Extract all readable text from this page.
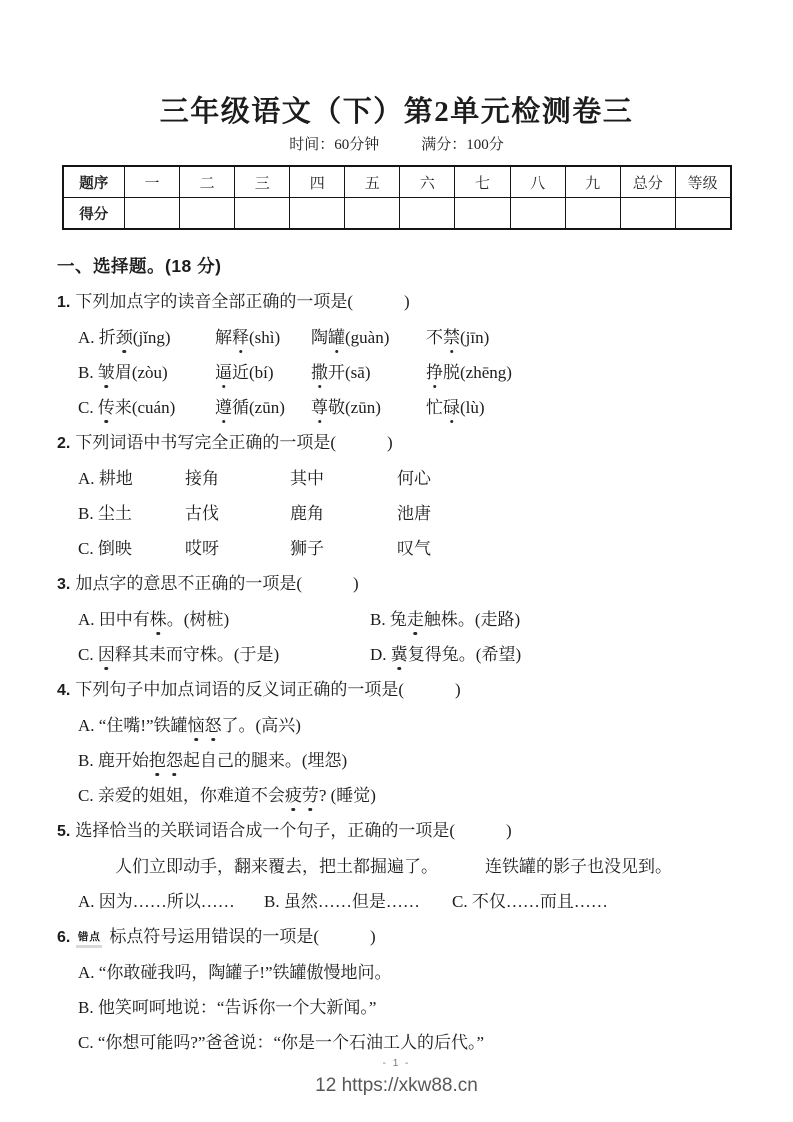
三年级语文（下）第2单元检测卷三
时间：60分钟	满分：100分
题序	一	二	三	四	五	六	七	八	九	总分	等级
得分											
一、选择题。(18 分)
1. 下列加点字的读音全部正确的一项是(　　　)
A. 折颈(jǐng)	解释(shì) 陶罐(guàn) 不禁(jīn)
B. 皱眉(zòu)	逼近(bí) 撒开(sā)	挣脱(zhēng)
C. 传来(cuán) 遵循(zūn) 尊敬(zūn)	忙碌(lù)
2. 下列词语中书写完全正确的一项是(　　　)
A. 耕地	接角	其中	何心
B. 尘土	古伐	鹿角	池唐
C. 倒映	哎呀	狮子	叹气
3. 加点字的意思不正确的一项是(　　　)
A. 田中有株。(树桩)	B. 兔走触株。(走路)
C. 因释其耒而守株。(于是)	D. 冀复得兔。(希望)
4. 下列句子中加点词语的反义词正确的一项是(　　　)
A. “住嘴!”铁罐恼怒了。(高兴)
B. 鹿开始抱怨起自己的腿来。(埋怨)
C. 亲爱的姐姐，你难道不会疲劳? (睡觉)
5. 选择恰当的关联词语合成一个句子，正确的一项是(　　　)
人们立即动手，翻来覆去，把土都掘遍了。	连铁罐的影子也没见到。
A. 因为……所以…… B. 虽然……但是…… C. 不仅……而且……
6. 错点 标点符号运用错误的一项是(　　　)
A. “你敢碰我吗，陶罐子!”铁罐傲慢地问。
B. 他笑呵呵地说：“告诉你一个大新闻。”
C. “你想可能吗?”爸爸说：“你是一个石油工人的后代。”
- 1 -
12 https://xkw88.cn
